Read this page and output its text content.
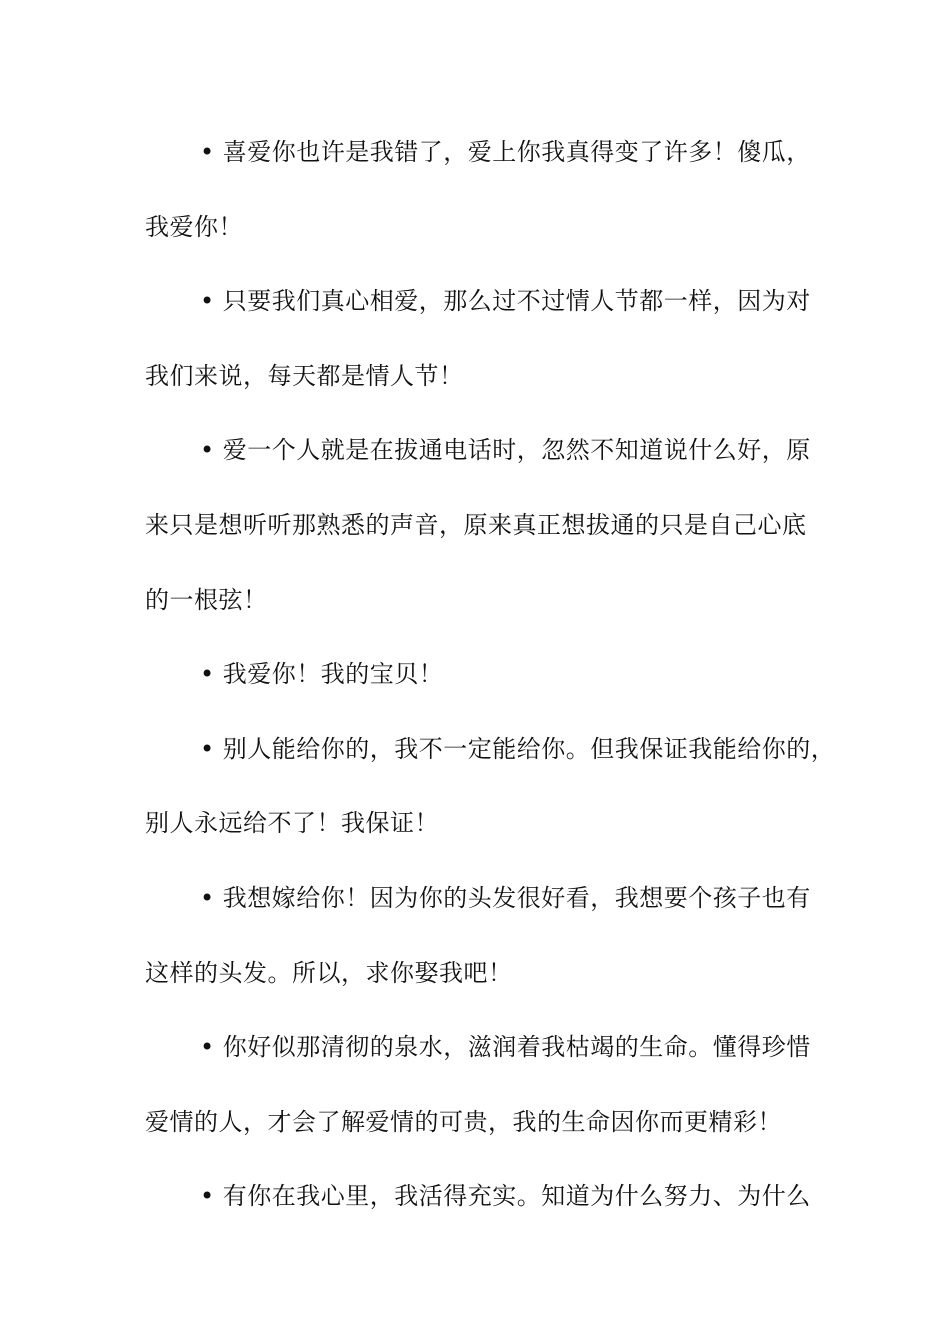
• 喜爱你也许是我错了，爱上你我真得变了许多！傻瓜，
我爱你！
• 只要我们真心相爱，那么过不过情人节都一样，因为对
我们来说，每天都是情人节！
• 爱一个人就是在拔通电话时，忽然不知道说什么好，原
来只是想听听那熟悉的声音，原来真正想拔通的只是自己心底
的一根弦！
• 我爱你！我的宝贝！
• 别人能给你的，我不一定能给你。但我保证我能给你的，
别人永远给不了！我保证！
• 我想嫁给你！因为你的头发很好看，我想要个孩子也有
这样的头发。所以，求你娶我吧！
• 你好似那清彻的泉水，滋润着我枯竭的生命。懂得珍惜
爱情的人，才会了解爱情的可贵，我的生命因你而更精彩！
• 有你在我心里，我活得充实。知道为什么努力、为什么
